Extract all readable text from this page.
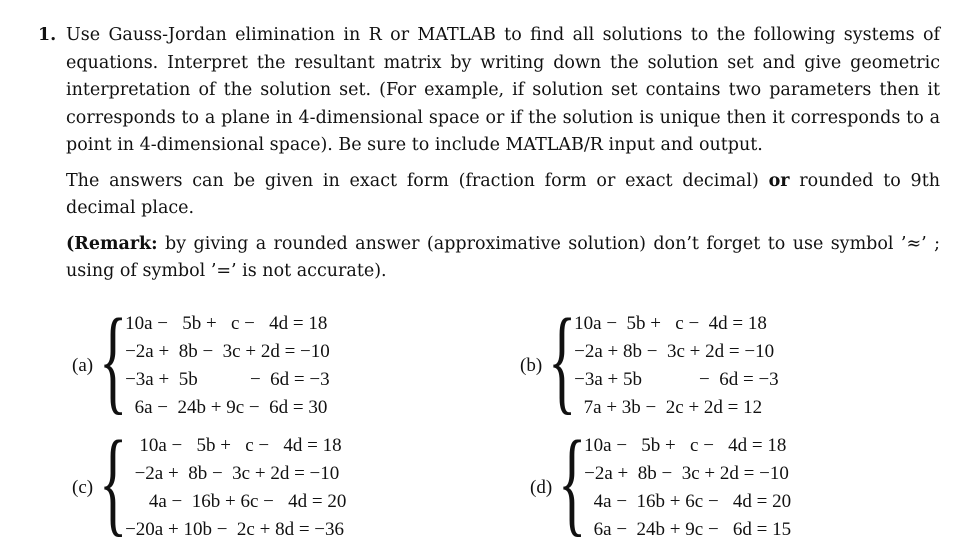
1. Use Gauss-Jordan elimination in R or MATLAB to find all solutions to the following systems of equations. Interpret the resultant matrix by writing down the solution set and give geometric interpretation of the solution set. (For example, if solution set contains two parameters then it corresponds to a plane in 4-dimensional space or if the solution is unique then it corresponds to a point in 4-dimensional space). Be sure to include MATLAB/R input and output.
The answers can be given in exact form (fraction form or exact decimal) or rounded to 9th decimal place.
(Remark: by giving a rounded answer (approximative solution) don’t forget to use symbol ’≈’ ; using of symbol ’=’ is not accurate).
(a) {
10a −   5b +   c −   4d = 18
−2a +  8b −  3c + 2d = −10
−3a +  5b           −  6d = −3
6a −  24b + 9c −  6d = 30
(b) {
10a −  5b +   c −  4d = 18
−2a + 8b −  3c + 2d = −10
−3a + 5b            −  6d = −3
7a + 3b −  2c + 2d = 12
(c) {
10a −   5b +   c −   4d = 18
−2a +  8b −  3c + 2d = −10
4a −  16b + 6c −   4d = 20
−20a + 10b −  2c + 8d = −36
(d) {
10a −   5b +   c −   4d = 18
−2a +  8b −  3c + 2d = −10
4a −  16b + 6c −   4d = 20
6a −  24b + 9c −   6d = 15
